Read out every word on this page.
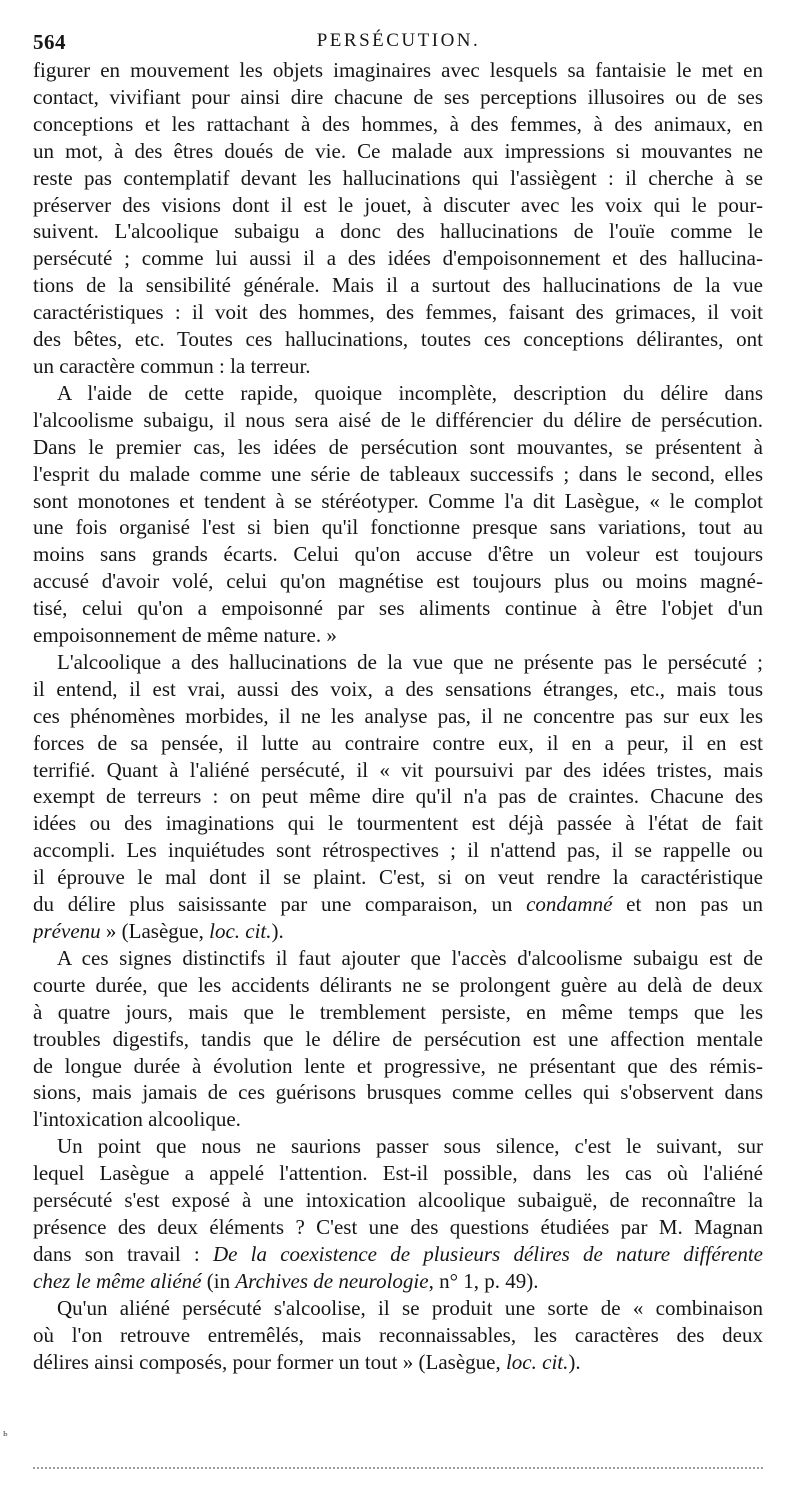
564	PERSÉCUTION.
figurer en mouvement les objets imaginaires avec lesquels sa fantaisie le met en
contact, vivifiant pour ainsi dire chacune de ses perceptions illusoires ou de ses
conceptions et les rattachant à des hommes, à des femmes, à des animaux, en
un mot, à des êtres doués de vie. Ce malade aux impressions si mouvantes ne
reste pas contemplatif devant les hallucinations qui l'assiègent : il cherche à se
préserver des visions dont il est le jouet, à discuter avec les voix qui le pour-
suivent. L'alcoolique subaigu a donc des hallucinations de l'ouïe comme le
persécuté ; comme lui aussi il a des idées d'empoisonnement et des hallucina-
tions de la sensibilité générale. Mais il a surtout des hallucinations de la vue
caractéristiques : il voit des hommes, des femmes, faisant des grimaces, il voit
des bêtes, etc. Toutes ces hallucinations, toutes ces conceptions délirantes, ont
un caractère commun : la terreur.
A l'aide de cette rapide, quoique incomplète, description du délire dans
l'alcoolisme subaigu, il nous sera aisé de le différencier du délire de persécution.
Dans le premier cas, les idées de persécution sont mouvantes, se présentent à
l'esprit du malade comme une série de tableaux successifs ; dans le second, elles
sont monotones et tendent à se stéréotyper. Comme l'a dit Lasègue, « le complot
une fois organisé l'est si bien qu'il fonctionne presque sans variations, tout au
moins sans grands écarts. Celui qu'on accuse d'être un voleur est toujours
accusé d'avoir volé, celui qu'on magnétise est toujours plus ou moins magné-
tisé, celui qu'on a empoisonné par ses aliments continue à être l'objet d'un
empoisonnement de même nature. »
L'alcoolique a des hallucinations de la vue que ne présente pas le persécuté ;
il entend, il est vrai, aussi des voix, a des sensations étranges, etc., mais tous
ces phénomènes morbides, il ne les analyse pas, il ne concentre pas sur eux les
forces de sa pensée, il lutte au contraire contre eux, il en a peur, il en est
terrifié. Quant à l'aliéné persécuté, il « vit poursuivi par des idées tristes, mais
exempt de terreurs : on peut même dire qu'il n'a pas de craintes. Chacune des
idées ou des imaginations qui le tourmentent est déjà passée à l'état de fait
accompli. Les inquiétudes sont rétrospectives ; il n'attend pas, il se rappelle ou
il éprouve le mal dont il se plaint. C'est, si on veut rendre la caractéristique
du délire plus saisissante par une comparaison, un condamné et non pas un
prévenu » (Lasègue, loc. cit.).
A ces signes distinctifs il faut ajouter que l'accès d'alcoolisme subaigu est de
courte durée, que les accidents délirants ne se prolongent guère au delà de deux
à quatre jours, mais que le tremblement persiste, en même temps que les
troubles digestifs, tandis que le délire de persécution est une affection mentale
de longue durée à évolution lente et progressive, ne présentant que des rémis-
sions, mais jamais de ces guérisons brusques comme celles qui s'observent dans
l'intoxication alcoolique.
Un point que nous ne saurions passer sous silence, c'est le suivant, sur
lequel Lasègue a appelé l'attention. Est-il possible, dans les cas où l'aliéné
persécuté s'est exposé à une intoxication alcoolique subaiguë, de reconnaître la
présence des deux éléments ? C'est une des questions étudiées par M. Magnan
dans son travail : De la coexistence de plusieurs délires de nature différente
chez le même aliéné (in Archives de neurologie, n° 1, p. 49).
Qu'un aliéné persécuté s'alcoolise, il se produit une sorte de « combinaison
où l'on retrouve entremêlés, mais reconnaissables, les caractères des deux
délires ainsi composés, pour former un tout » (Lasègue, loc. cit.).
ь
